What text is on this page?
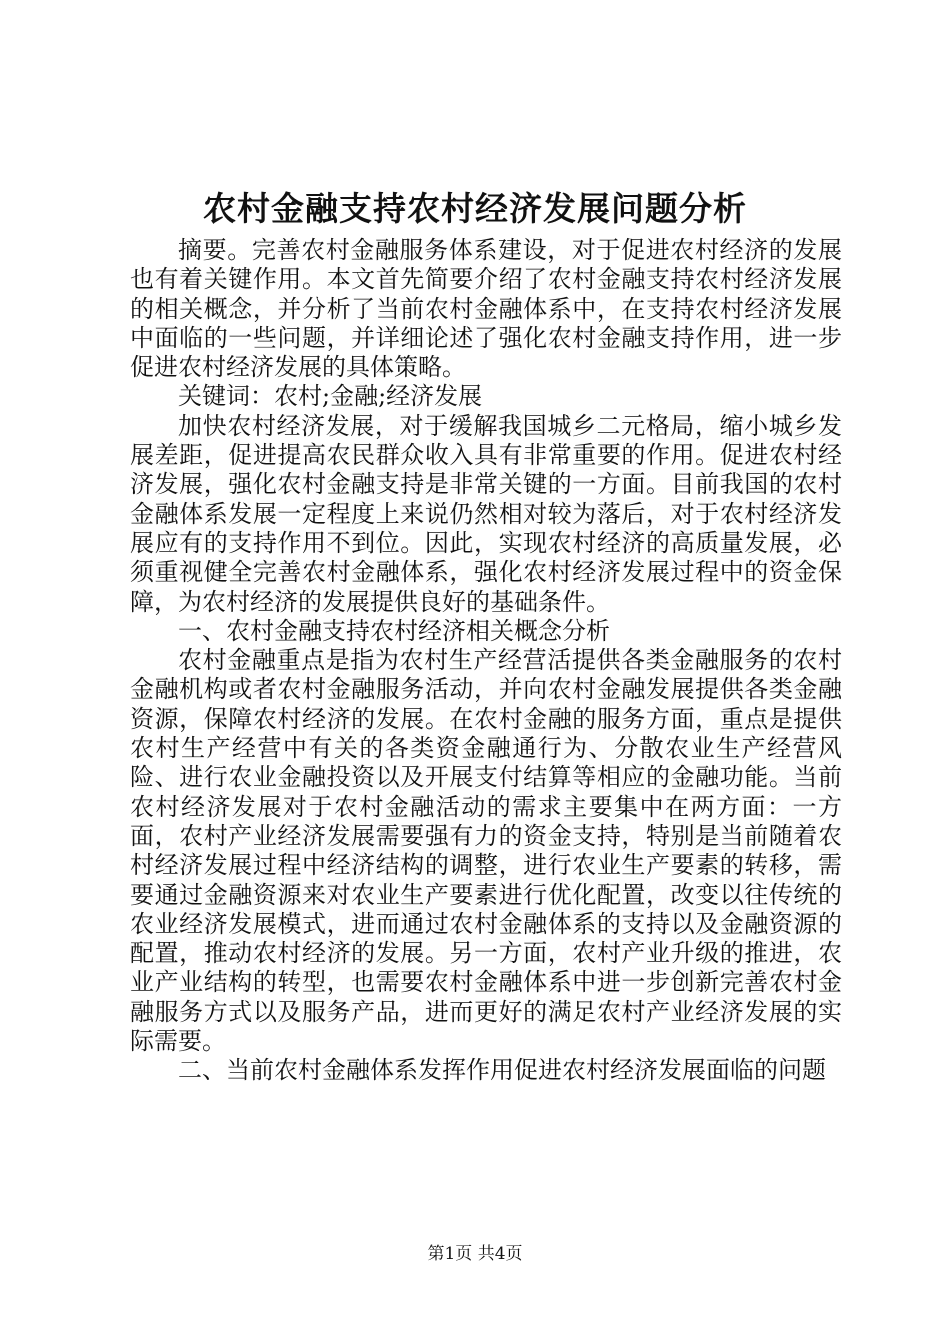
农村金融支持农村经济发展问题分析

摘要。完善农村金融服务体系建设，对于促进农村经济的发展也有着关键作用。本文首先简要介绍了农村金融支持农村经济发展的相关概念，并分析了当前农村金融体系中，在支持农村经济发展中面临的一些问题，并详细论述了强化农村金融支持作用，进一步促进农村经济发展的具体策略。

关键词：农村;金融;经济发展

加快农村经济发展，对于缓解我国城乡二元格局，缩小城乡发展差距，促进提高农民群众收入具有非常重要的作用。促进农村经济发展，强化农村金融支持是非常关键的一方面。目前我国的农村金融体系发展一定程度上来说仍然相对较为落后，对于农村经济发展应有的支持作用不到位。因此，实现农村经济的高质量发展，必须重视健全完善农村金融体系，强化农村经济发展过程中的资金保障，为农村经济的发展提供良好的基础条件。

一、农村金融支持农村经济相关概念分析

农村金融重点是指为农村生产经营活提供各类金融服务的农村金融机构或者农村金融服务活动，并向农村金融发展提供各类金融资源，保障农村经济的发展。在农村金融的服务方面，重点是提供农村生产经营中有关的各类资金融通行为、分散农业生产经营风险、进行农业金融投资以及开展支付结算等相应的金融功能。当前农村经济发展对于农村金融活动的需求主要集中在两方面：一方面，农村产业经济发展需要强有力的资金支持，特别是当前随着农村经济发展过程中经济结构的调整，进行农业生产要素的转移，需要通过金融资源来对农业生产要素进行优化配置，改变以往传统的农业经济发展模式，进而通过农村金融体系的支持以及金融资源的配置，推动农村经济的发展。另一方面，农村产业升级的推进，农业产业结构的转型，也需要农村金融体系中进一步创新完善农村金融服务方式以及服务产品，进而更好的满足农村产业经济发展的实际需要。

二、当前农村金融体系发挥作用促进农村经济发展面临的问题

第1页 共4页
